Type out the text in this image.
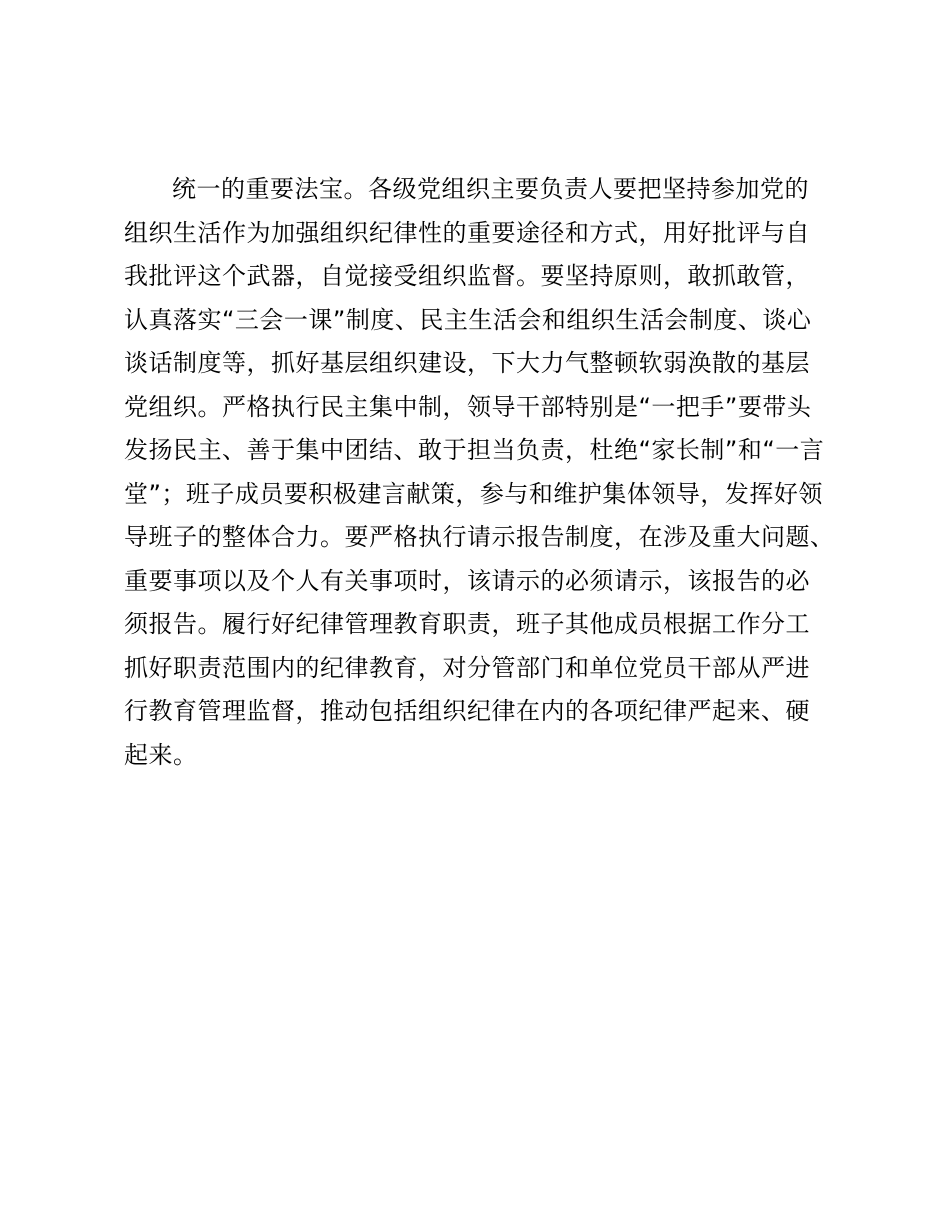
统一的重要法宝。各级党组织主要负责人要把坚持参加党的
组织生活作为加强组织纪律性的重要途径和方式，用好批评与自
我批评这个武器，自觉接受组织监督。要坚持原则，敢抓敢管，
认真落实“三会一课”制度、民主生活会和组织生活会制度、谈心
谈话制度等，抓好基层组织建设，下大力气整顿软弱涣散的基层
党组织。严格执行民主集中制，领导干部特别是“一把手”要带头
发扬民主、善于集中团结、敢于担当负责，杜绝“家长制”和“一言
堂”；班子成员要积极建言献策，参与和维护集体领导，发挥好领
导班子的整体合力。要严格执行请示报告制度，在涉及重大问题、
重要事项以及个人有关事项时，该请示的必须请示，该报告的必
须报告。履行好纪律管理教育职责，班子其他成员根据工作分工
抓好职责范围内的纪律教育，对分管部门和单位党员干部从严进
行教育管理监督，推动包括组织纪律在内的各项纪律严起来、硬
起来。
